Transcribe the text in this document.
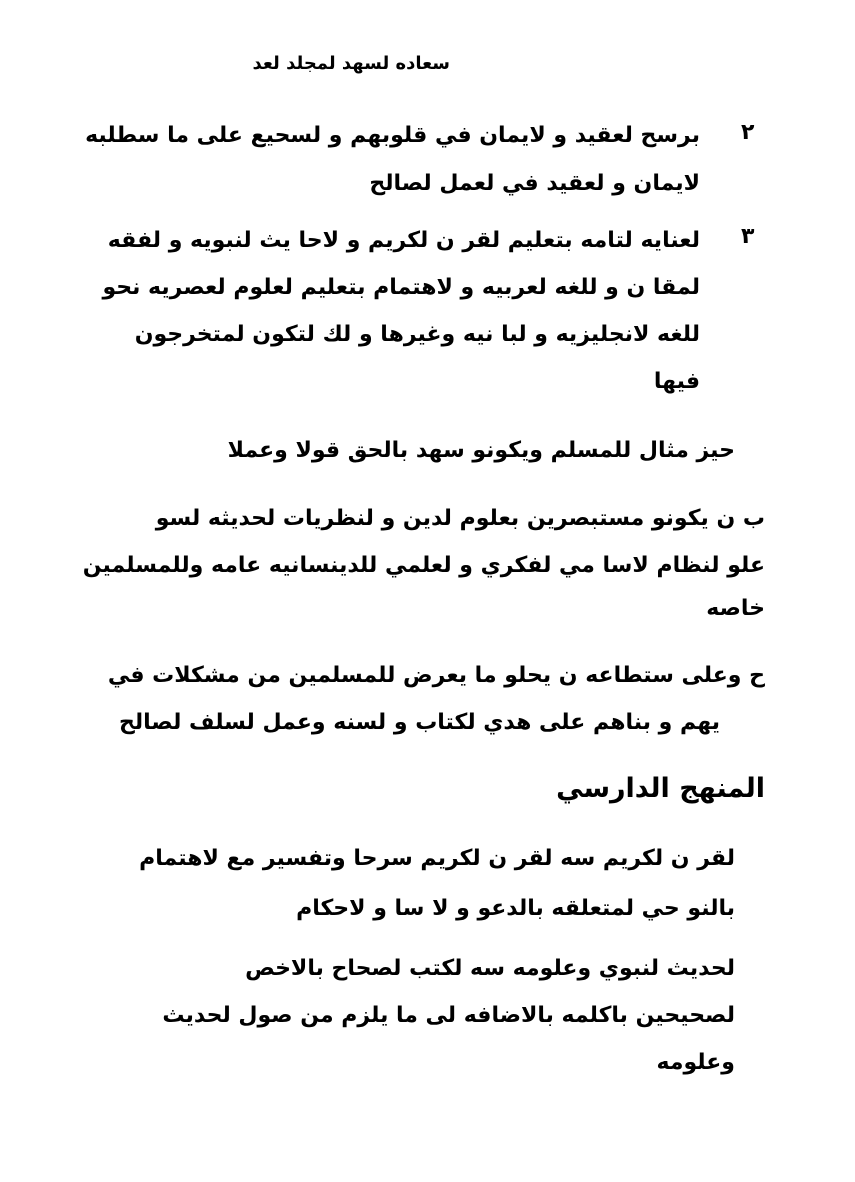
سعاده لسهد لمجلد لعد
٢
برسح لعقيد و لايمان في قلوبهم و لسحيع على ما سطلبه
لايمان و لعقيد في لعمل لصالح
٣
لعنايه لتامه بتعليم لقر ن لكريم و لاحا يث لنبويه و لفقه
لمقا ن و للغه لعربيه و لاهتمام بتعليم لعلوم لعصريه نحو
للغه لانجليزيه و لبا نيه وغيرها و لك لتكون لمتخرجون
فيها
حيز مثال للمسلم ويكونو سهد بالحق قولا وعملا
ب ن يكونو مستبصرين بعلوم لدين و لنظريات لحديثه لسو
علو لنظام لاسا مي لفكري و لعلمي للدينسانيه عامه وللمسلمين
خاصه
ح وعلى ستطاعه ن يحلو ما يعرض للمسلمين من مشكلات في
يهم و بناهم على هدي لكتاب و لسنه وعمل لسلف لصالح
المنهج الدارسي
لقر ن لكريم سه لقر ن لكريم سرحا وتفسير مع لاهتمام
بالنو حي لمتعلقه بالدعو و لا سا و لاحكام
لحديث لنبوي وعلومه سه لكتب لصحاح بالاخص
لصحيحين باكلمه بالاضافه لى ما يلزم من صول لحديث
وعلومه
